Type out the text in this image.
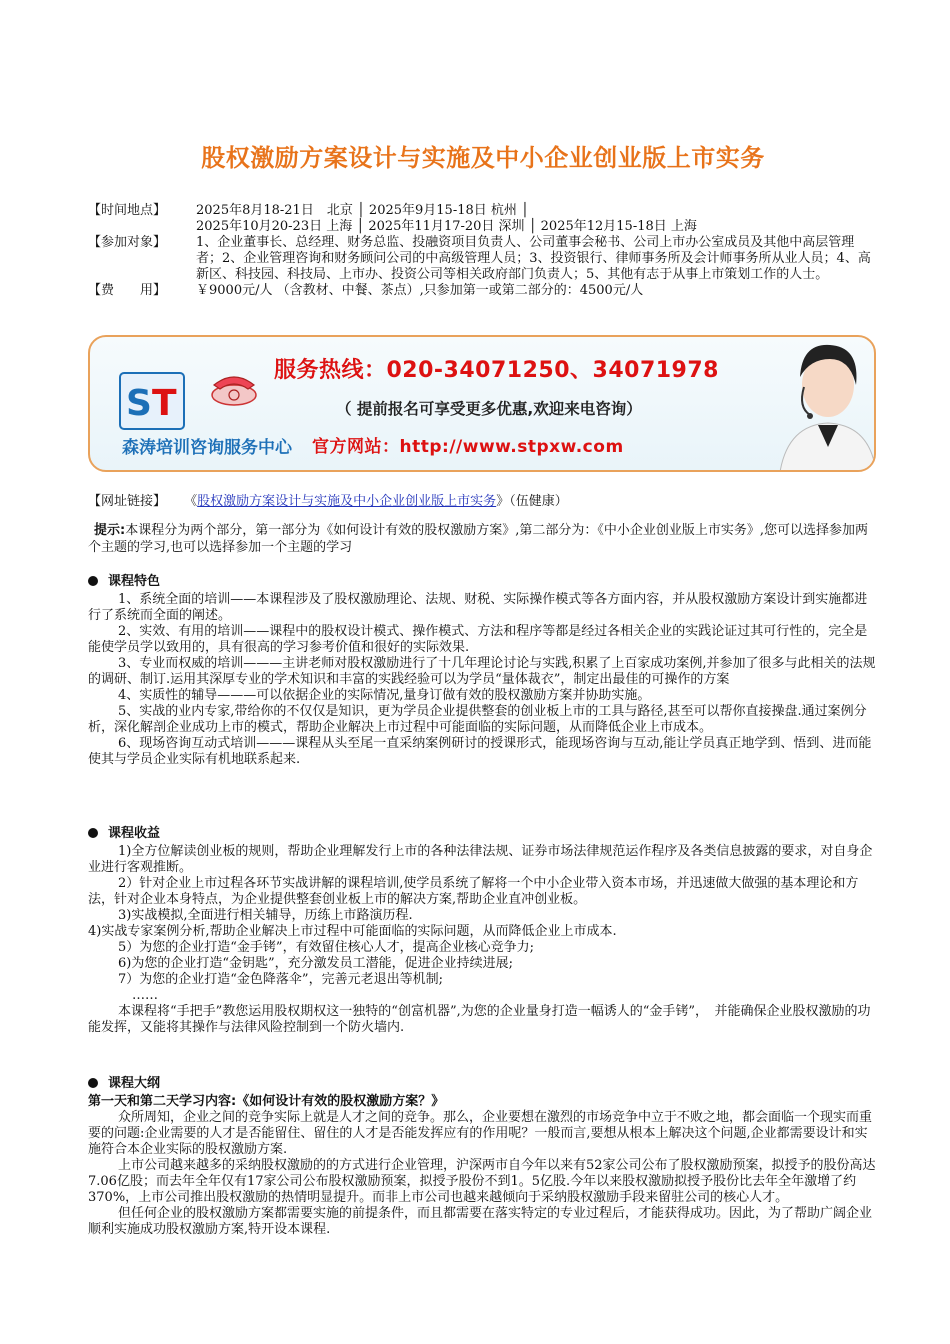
股权激励方案设计与实施及中小企业创业版上市实务
【时间地点】	2025年8月18-21日　北京 │ 2025年9月15-18日 杭州 │
2025年10月20-23日 上海 │ 2025年11月17-20日 深圳 │ 2025年12月15-18日 上海
【参加对象】	1、企业董事长、总经理、财务总监、投融资项目负责人、公司董事会秘书、公司上市办公室成员及其他中高层管理者；2、企业管理咨询和财务顾问公司的中高级管理人员；3、投资银行、律师事务所及会计师事务所从业人员；4、高新区、科技园、科技局、上市办、投资公司等相关政府部门负责人；5、其他有志于从事上市策划工作的人士。
【费　　用】	￥9000元/人 （含教材、中餐、茶点）,只参加第一或第二部分的：4500元/人
S T
森涛培训咨询服务中心
服务热线：020-34071250、34071978
（ 提前报名可享受更多优惠,欢迎来电咨询）
官方网站：http://www.stpxw.com
【网址链接】 《股权激励方案设计与实施及中小企业创业版上市实务》（伍健康）
提示:本课程分为两个部分，第一部分为《如何设计有效的股权激励方案》,第二部分为：《中小企业创业版上市实务》,您可以选择参加两个主题的学习,也可以选择参加一个主题的学习
课程特色

1、系统全面的培训——本课程涉及了股权激励理论、法规、财税、实际操作模式等各方面内容，并从股权激励方案设计到实施都进行了系统而全面的阐述。

2、实效、有用的培训——课程中的股权设计模式、操作模式、方法和程序等都是经过各相关企业的实践论证过其可行性的，完全是能使学员学以致用的，具有很高的学习参考价值和很好的实际效果.

3、专业而权威的培训———主讲老师对股权激励进行了十几年理论讨论与实践,积累了上百家成功案例,并参加了很多与此相关的法规的调研、制订.运用其深厚专业的学术知识和丰富的实践经验可以为学员“量体裁衣”，制定出最佳的可操作的方案

4、实质性的辅导———可以依据企业的实际情况,量身订做有效的股权激励方案并协助实施。

5、实战的业内专家,带给你的不仅仅是知识，更为学员企业提供整套的创业板上市的工具与路径,甚至可以帮你直接操盘.通过案例分析，深化解剖企业成功上市的模式，帮助企业解决上市过程中可能面临的实际问题，从而降低企业上市成本。

6、现场咨询互动式培训———课程从头至尾一直采纳案例研讨的授课形式，能现场咨询与互动,能让学员真正地学到、悟到、进而能使其与学员企业实际有机地联系起来.

课程收益

1)全方位解读创业板的规则，帮助企业理解发行上市的各种法律法规、证券市场法律规范运作程序及各类信息披露的要求，对自身企业进行客观推断。

2）针对企业上市过程各环节实战讲解的课程培训,使学员系统了解将一个中小企业带入资本市场，并迅速做大做强的基本理论和方法，针对企业本身特点，为企业提供整套创业板上市的解决方案,帮助企业直冲创业板。

3)实战模拟,全面进行相关辅导，历练上市路演历程.

4)实战专家案例分析,帮助企业解决上市过程中可能面临的实际问题，从而降低企业上市成本.

5）为您的企业打造“金手铐”，有效留住核心人才，提高企业核心竞争力;

6)为您的企业打造“金钥匙”，充分激发员工潜能，促进企业持续进展;

7）为您的企业打造“金色降落伞”，完善元老退出等机制;

……

本课程将“手把手”教您运用股权期权这一独特的“创富机器”,为您的企业量身打造一幅诱人的“金手铐”，　并能确保企业股权激励的功能发挥，又能将其操作与法律风险控制到一个防火墙内.

课程大纲
第一天和第二天学习内容:《如何设计有效的股权激励方案？》

众所周知，企业之间的竞争实际上就是人才之间的竞争。那么，企业要想在激烈的市场竞争中立于不败之地，都会面临一个现实而重要的问题:企业需要的人才是否能留住、留住的人才是否能发挥应有的作用呢？一般而言,要想从根本上解决这个问题,企业都需要设计和实施符合本企业实际的股权激励方案.

上市公司越来越多的采纳股权激励的的方式进行企业管理，沪深两市自今年以来有52家公司公布了股权激励预案，拟授予的股份高达7.06亿股；而去年全年仅有17家公司公布股权激励预案，拟授予股份不到1。5亿股.今年以来股权激励拟授予股份比去年全年激增了约370%，上市公司推出股权激励的热情明显提升。而非上市公司也越来越倾向于采纳股权激励手段来留驻公司的核心人才。

但任何企业的股权激励方案都需要实施的前提条件，而且都需要在落实特定的专业过程后，才能获得成功。因此，为了帮助广阔企业顺利实施成功股权激励方案,特开设本课程.
